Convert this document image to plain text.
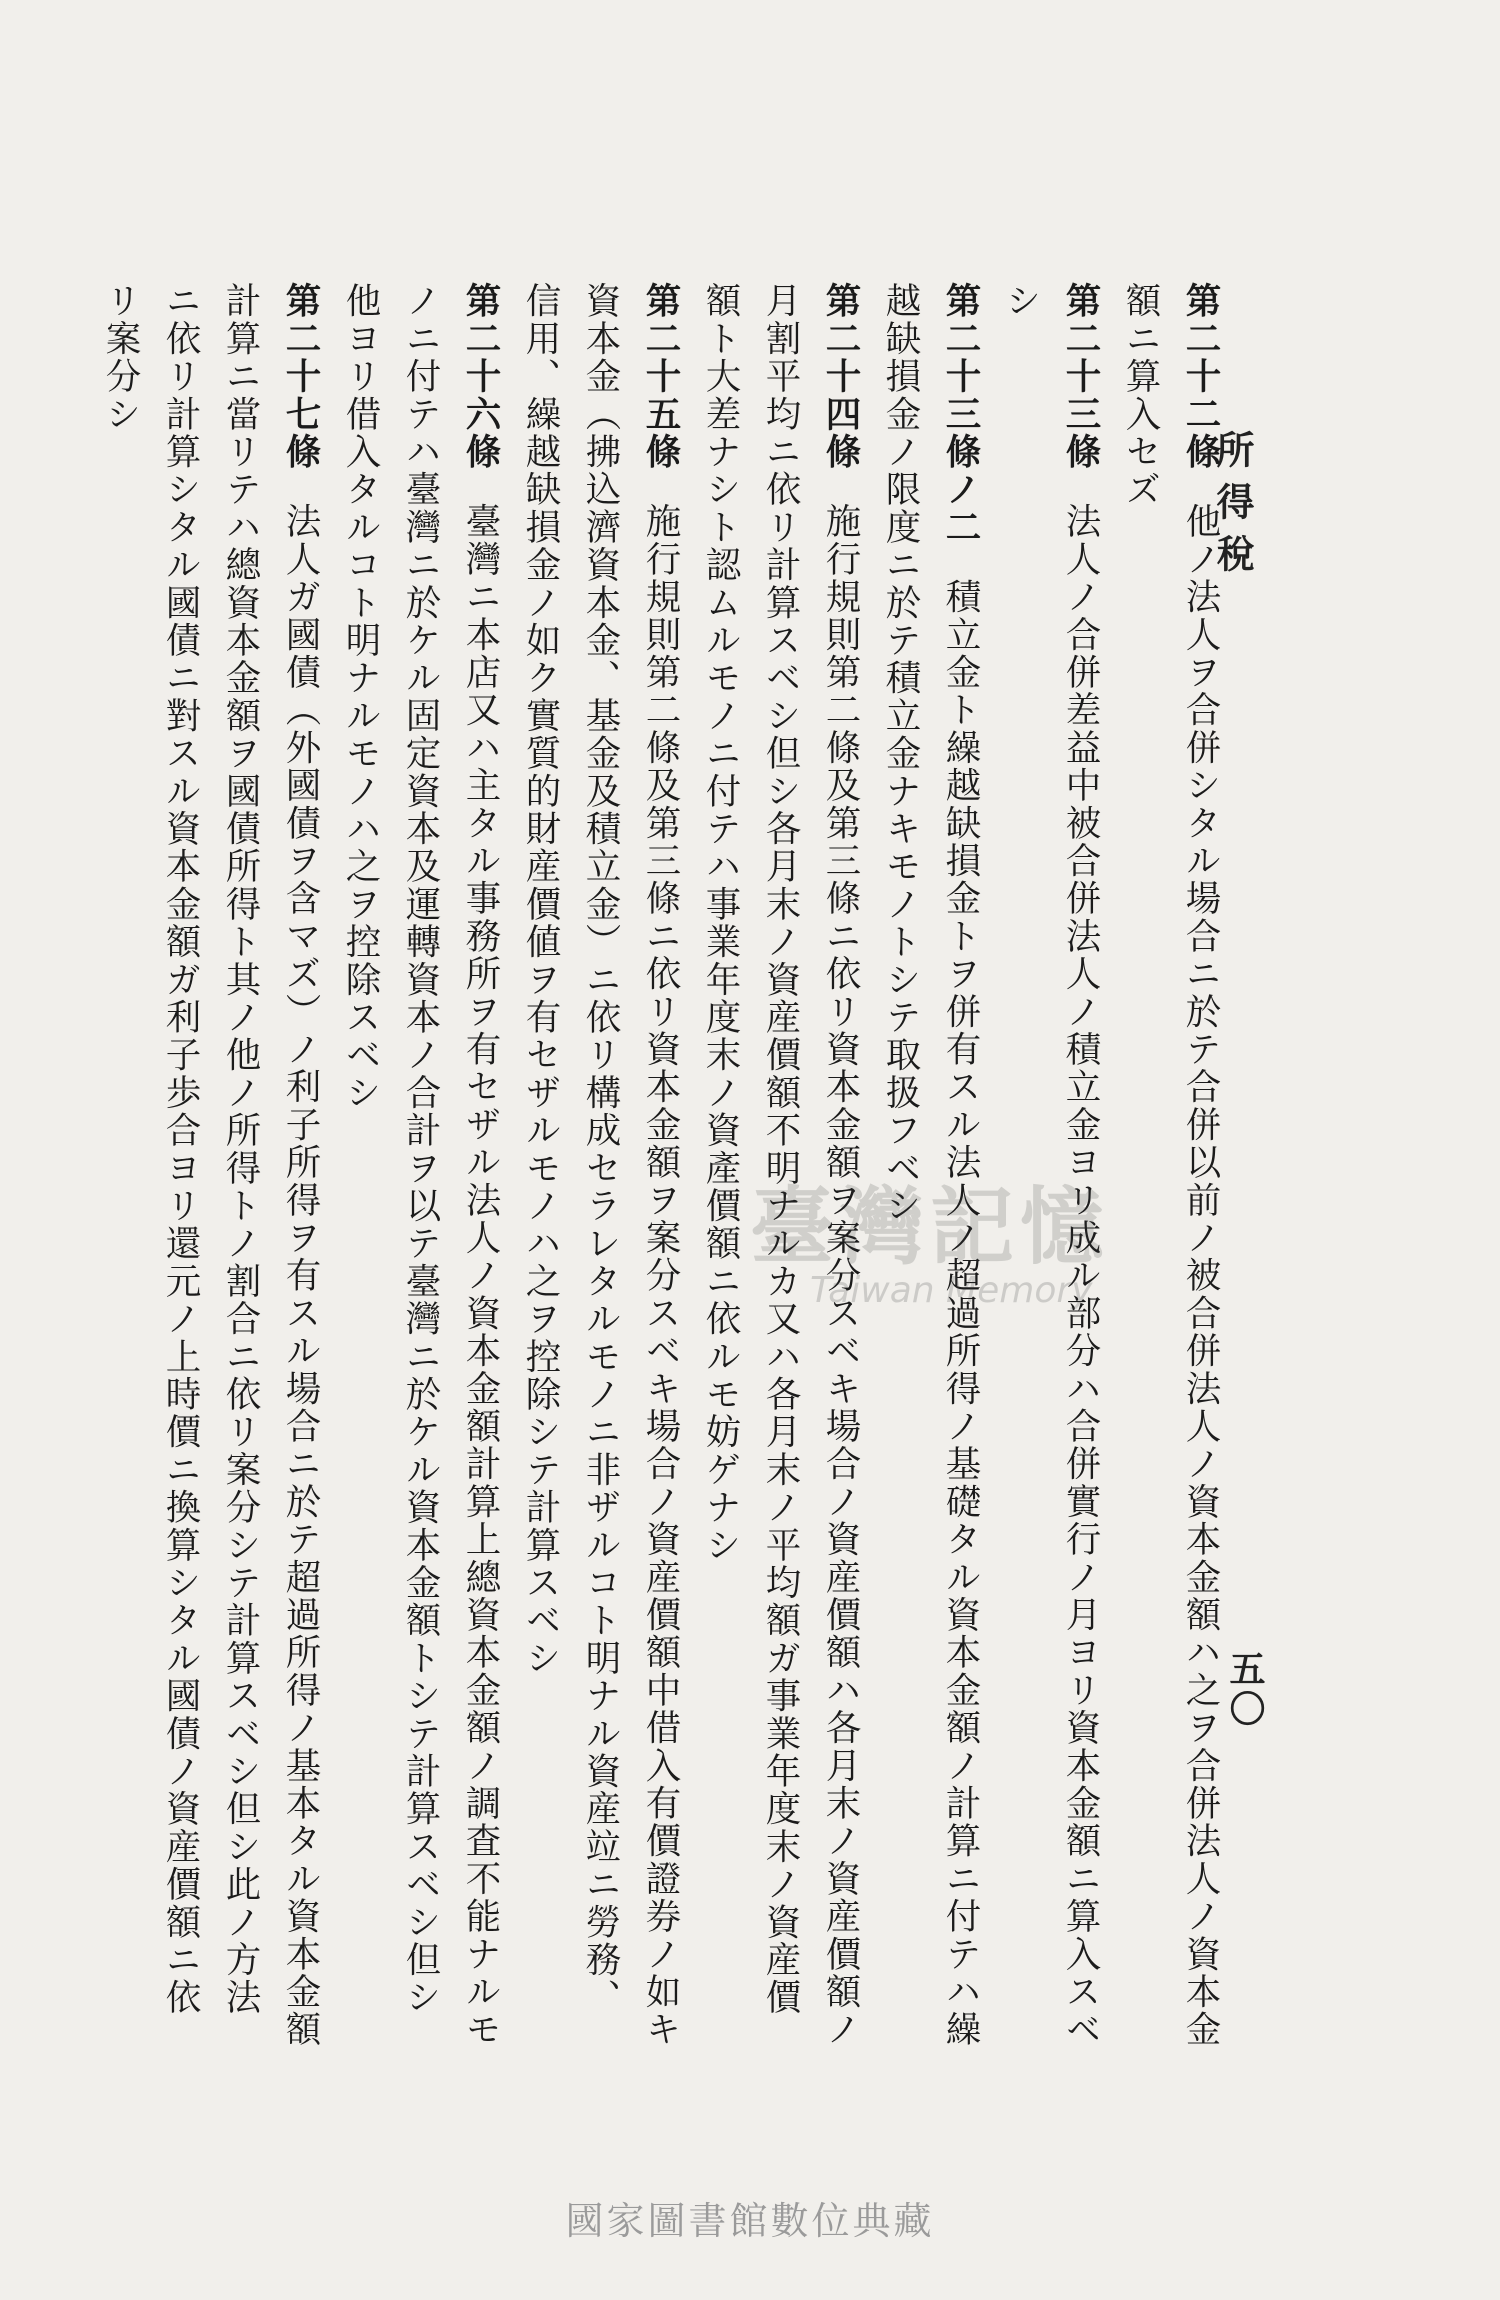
所得稅
五〇

第二十二條他ノ法人ヲ合併シタル場合ニ於テ合併以前ノ被合併法人ノ資本金額ハ之ヲ合併法人ノ資本金額ニ算入セズ

第二十三條法人ノ合併差益中被合併法人ノ積立金ヨリ成ル部分ハ合併實行ノ月ヨリ資本金額ニ算入スベシ

第二十三條ノ二積立金ト繰越缺損金トヲ併有スル法人ノ超過所得ノ基礎タル資本金額ノ計算ニ付テハ繰越缺損金ノ限度ニ於テ積立金ナキモノトシテ取扱フベシ

第二十四條施行規則第二條及第三條ニ依リ資本金額ヲ案分スベキ場合ノ資産價額ハ各月末ノ資産價額ノ月割平均ニ依リ計算スベシ但シ各月末ノ資産價額不明ナルカ又ハ各月末ノ平均額ガ事業年度末ノ資産價額ト大差ナシト認ムルモノニ付テハ事業年度末ノ資產價額ニ依ルモ妨ゲナシ

第二十五條施行規則第二條及第三條ニ依リ資本金額ヲ案分スベキ場合ノ資産價額中借入有價證券ノ如キ資本金（拂込濟資本金、基金及積立金）ニ依リ構成セラレタルモノニ非ザルコト明ナル資産竝ニ勞務、信用、繰越缺損金ノ如ク實質的財産價値ヲ有セザルモノハ之ヲ控除シテ計算スベシ

第二十六條臺灣ニ本店又ハ主タル事務所ヲ有セザル法人ノ資本金額計算上總資本金額ノ調査不能ナルモノニ付テハ臺灣ニ於ケル固定資本及運轉資本ノ合計ヲ以テ臺灣ニ於ケル資本金額トシテ計算スベシ但シ他ヨリ借入タルコト明ナルモノハ之ヲ控除スベシ

第二十七條法人ガ國債（外國債ヲ含マズ）ノ利子所得ヲ有スル場合ニ於テ超過所得ノ基本タル資本金額計算ニ當リテハ總資本金額ヲ國債所得ト其ノ他ノ所得トノ割合ニ依リ案分シテ計算スベシ但シ此ノ方法ニ依リ計算シタル國債ニ對スル資本金額ガ利子歩合ヨリ還元ノ上時價ニ換算シタル國債ノ資産價額ニ依リ案分シ

臺灣記憶
Taiwan Memory
國家圖書館數位典藏
